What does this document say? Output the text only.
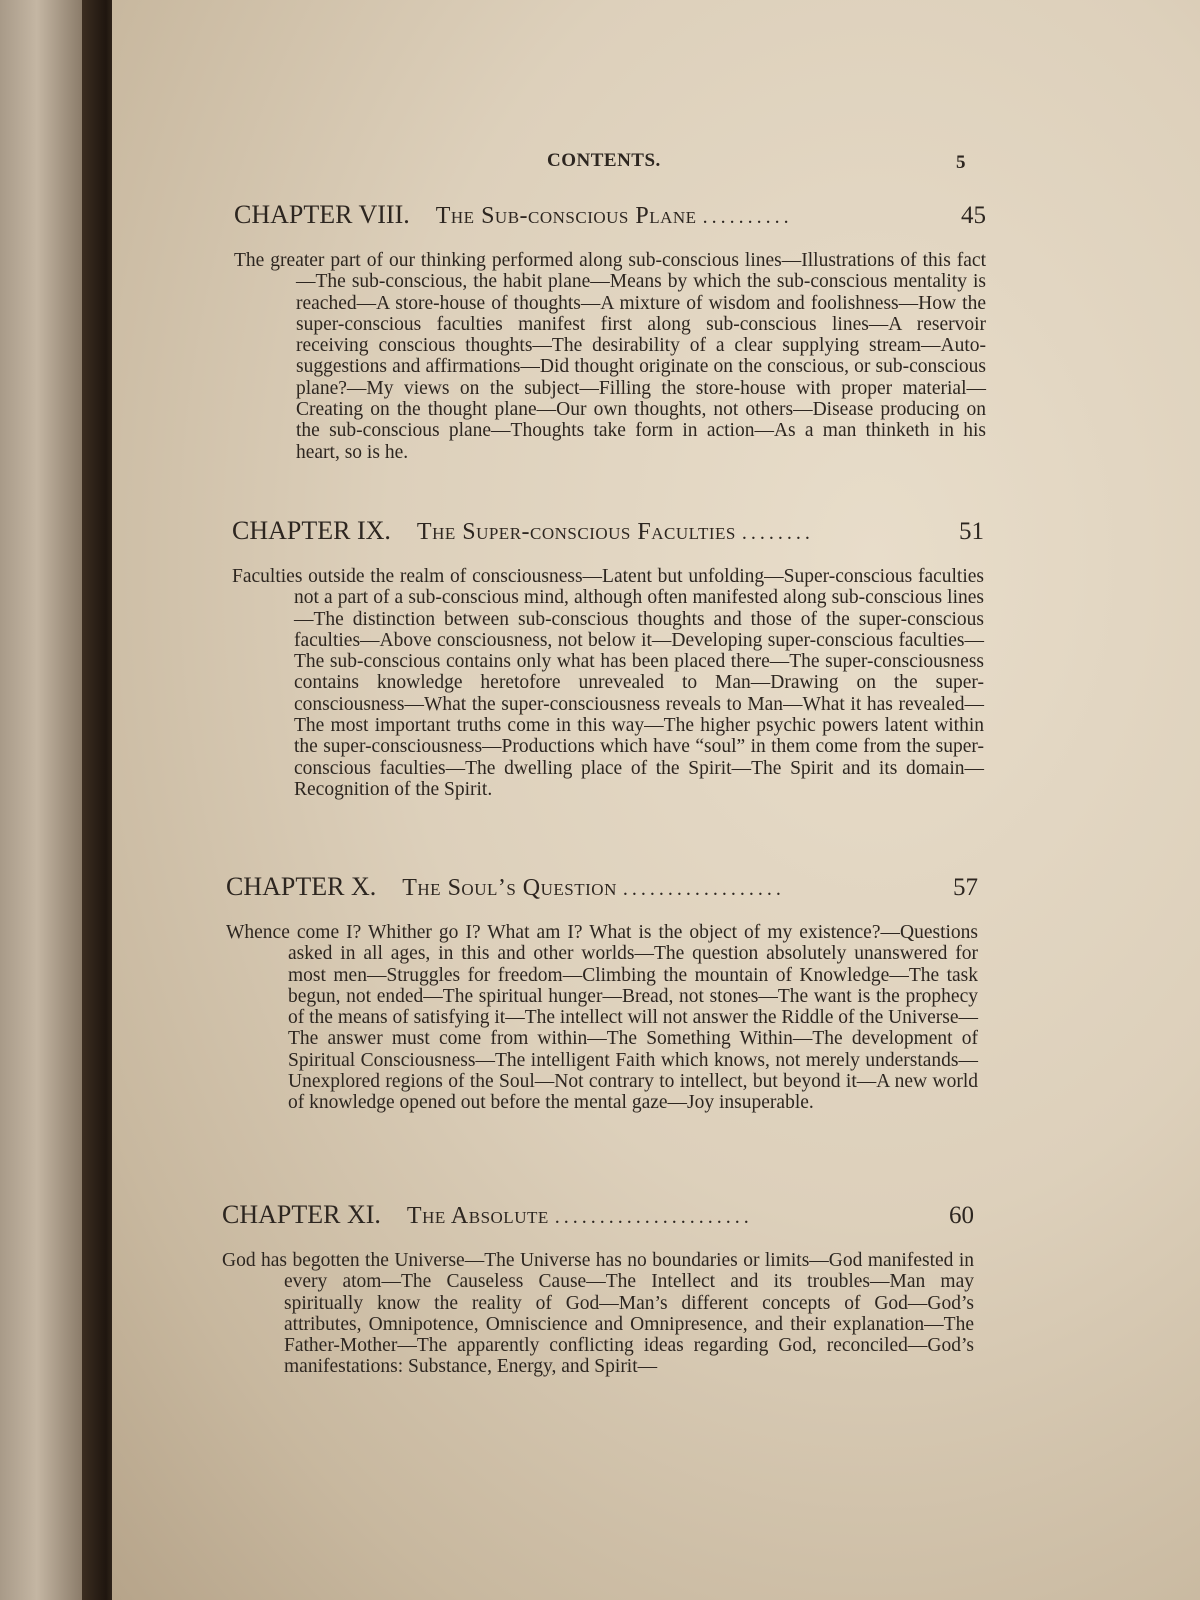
CONTENTS.	5
CHAPTER VIII. The Sub-conscious Plane ..........	45

The greater part of our thinking performed along sub-conscious lines—Illustrations of this fact—The sub-conscious, the habit plane—Means by which the sub-conscious mentality is reached—A store-house of thoughts—A mixture of wisdom and foolishness—How the super-conscious faculties manifest first along sub-conscious lines—A reservoir receiving conscious thoughts—The desirability of a clear supplying stream—Auto-suggestions and affirmations—Did thought originate on the conscious, or sub-conscious plane?—My views on the subject—Filling the store-house with proper material—Creating on the thought plane—Our own thoughts, not others—Disease producing on the sub-conscious plane—Thoughts take form in action—As a man thinketh in his heart, so is he.

CHAPTER IX. The Super-conscious Faculties ........	51

Faculties outside the realm of consciousness—Latent but unfolding—Super-conscious faculties not a part of a sub-conscious mind, although often manifested along sub-conscious lines—The distinction between sub-conscious thoughts and those of the super-conscious faculties—Above consciousness, not below it—Developing super-conscious faculties—The sub-conscious contains only what has been placed there—The super-consciousness contains knowledge heretofore unrevealed to Man—Drawing on the super-consciousness—What the super-consciousness reveals to Man—What it has revealed—The most important truths come in this way—The higher psychic powers latent within the super-consciousness—Productions which have “soul” in them come from the super-conscious faculties—The dwelling place of the Spirit—The Spirit and its domain—Recognition of the Spirit.

CHAPTER X. The Soul’s Question ..................	57

Whence come I? Whither go I? What am I? What is the object of my existence?—Questions asked in all ages, in this and other worlds—The question absolutely unanswered for most men—Struggles for freedom—Climbing the mountain of Knowledge—The task begun, not ended—The spiritual hunger—Bread, not stones—The want is the prophecy of the means of satisfying it—The intellect will not answer the Riddle of the Universe—The answer must come from within—The Something Within—The development of Spiritual Consciousness—The intelligent Faith which knows, not merely understands—Unexplored regions of the Soul—Not contrary to intellect, but beyond it—A new world of knowledge opened out before the mental gaze—Joy insuperable.

CHAPTER XI. The Absolute ......................	60

God has begotten the Universe—The Universe has no boundaries or limits—God manifested in every atom—The Causeless Cause—The Intellect and its troubles—Man may spiritually know the reality of God—Man’s different concepts of God—God’s attributes, Omnipotence, Omniscience and Omnipresence, and their explanation—The Father-Mother—The apparently conflicting ideas regarding God, reconciled—God’s manifestations: Substance, Energy, and Spirit—
